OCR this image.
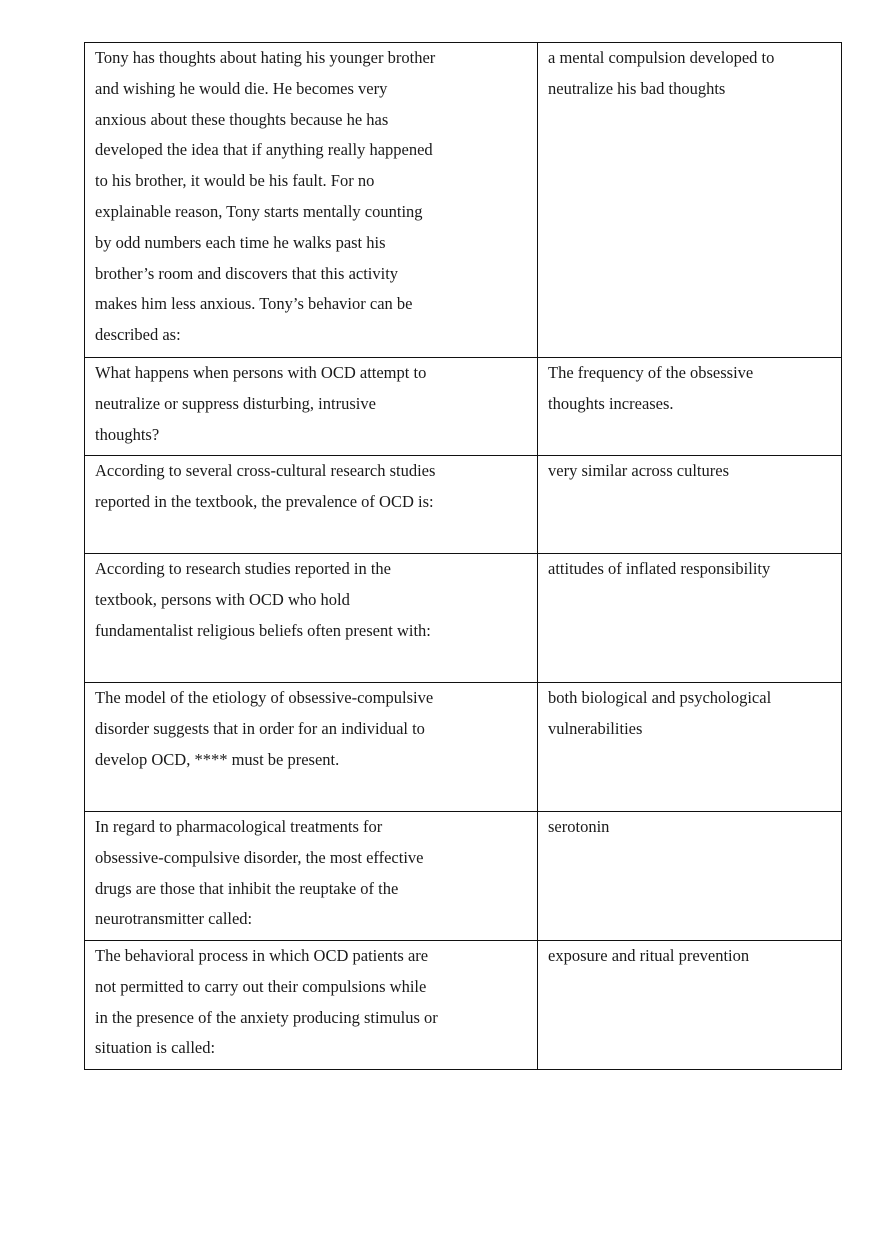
Tony has thoughts about hating his younger brother and wishing he would die. He becomes very anxious about these thoughts because he has developed the idea that if anything really happened to his brother, it would be his fault. For no explainable reason, Tony starts mentally counting by odd numbers each time he walks past his brother’s room and discovers that this activity makes him less anxious. Tony’s behavior can be described as:	a mental compulsion developed to neutralize his bad thoughts

What happens when persons with OCD attempt to neutralize or suppress disturbing, intrusive thoughts?	The frequency of the obsessive thoughts increases.

According to several cross-cultural research studies reported in the textbook, the prevalence of OCD is:	very similar across cultures

According to research studies reported in the textbook, persons with OCD who hold fundamentalist religious beliefs often present with:	attitudes of inflated responsibility

The model of the etiology of obsessive-compulsive disorder suggests that in order for an individual to develop OCD, **** must be present.	both biological and psychological vulnerabilities

In regard to pharmacological treatments for obsessive-compulsive disorder, the most effective drugs are those that inhibit the reuptake of the neurotransmitter called:	serotonin

The behavioral process in which OCD patients are not permitted to carry out their compulsions while in the presence of the anxiety producing stimulus or situation is called:	exposure and ritual prevention
